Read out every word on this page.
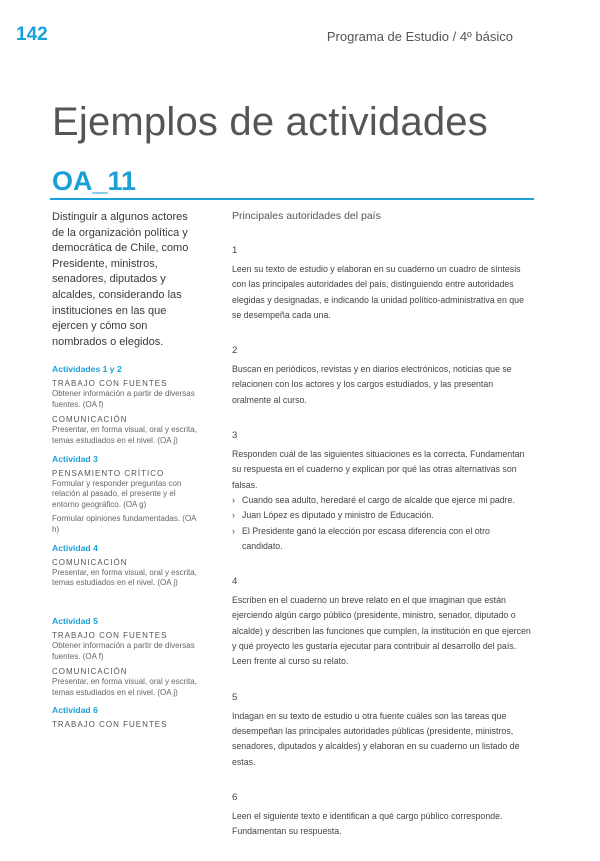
142	Programa de Estudio / 4º básico
Ejemplos de actividades
OA_11

Distinguir a algunos actores de la organización política y democrática de Chile, como Presidente, ministros, senadores, diputados y alcaldes, considerando las instituciones en las que ejercen y cómo son nombrados o elegidos.

Actividades 1 y 2
TRABAJO CON FUENTES
Obtener información a partir de diversas fuentes. (OA f)
COMUNICACIÓN
Presentar, en forma visual, oral y escrita, temas estudiados en el nivel. (OA j)
Actividad 3
PENSAMIENTO CRÍTICO
Formular y responder preguntas con relación al pasado, el presente y el entorno geográfico. (OA g)
Formular opiniones fundamentadas. (OA h)
Actividad 4
COMUNICACIÓN
Presentar, en forma visual, oral y escrita, temas estudiados en el nivel. (OA j)
Actividad 5
TRABAJO CON FUENTES
Obtener información a partir de diversas fuentes. (OA f)
COMUNICACIÓN
Presentar, en forma visual, oral y escrita, temas estudiados en el nivel. (OA j)
Actividad 6
TRABAJO CON FUENTES
Principales autoridades del país
1

Leen su texto de estudio y elaboran en su cuaderno un cuadro de síntesis con las principales autoridades del país, distinguiendo entre autoridades elegidas y designadas, e indicando la unidad político-administrativa en que se desempeña cada una.

2

Buscan en periódicos, revistas y en diarios electrónicos, noticias que se relacionen con los actores y los cargos estudiados, y las presentan oralmente al curso.

3

Responden cuál de las siguientes situaciones es la correcta. Fundamentan su respuesta en el cuaderno y explican por qué las otras alternativas son falsas.

› Cuando sea adulto, heredaré el cargo de alcalde que ejerce mi padre.
› Juan López es diputado y ministro de Educación.
› El Presidente ganó la elección por escasa diferencia con el otro candidato.
4

Escriben en el cuaderno un breve relato en el que imaginan que están ejerciendo algún cargo público (presidente, ministro, senador, diputado o alcalde) y describen las funciones que cumplen, la institución en que ejercen y qué proyecto les gustaría ejecutar para contribuir al desarrollo del país. Leen frente al curso su relato.

5

Indagan en su texto de estudio u otra fuente cuáles son las tareas que desempeñan las principales autoridades públicas (presidente, ministros, senadores, diputados y alcaldes) y elaboran en su cuaderno un listado de estas.

6

Leen el siguiente texto e identifican a qué cargo público corresponde. Fundamentan su respuesta.
